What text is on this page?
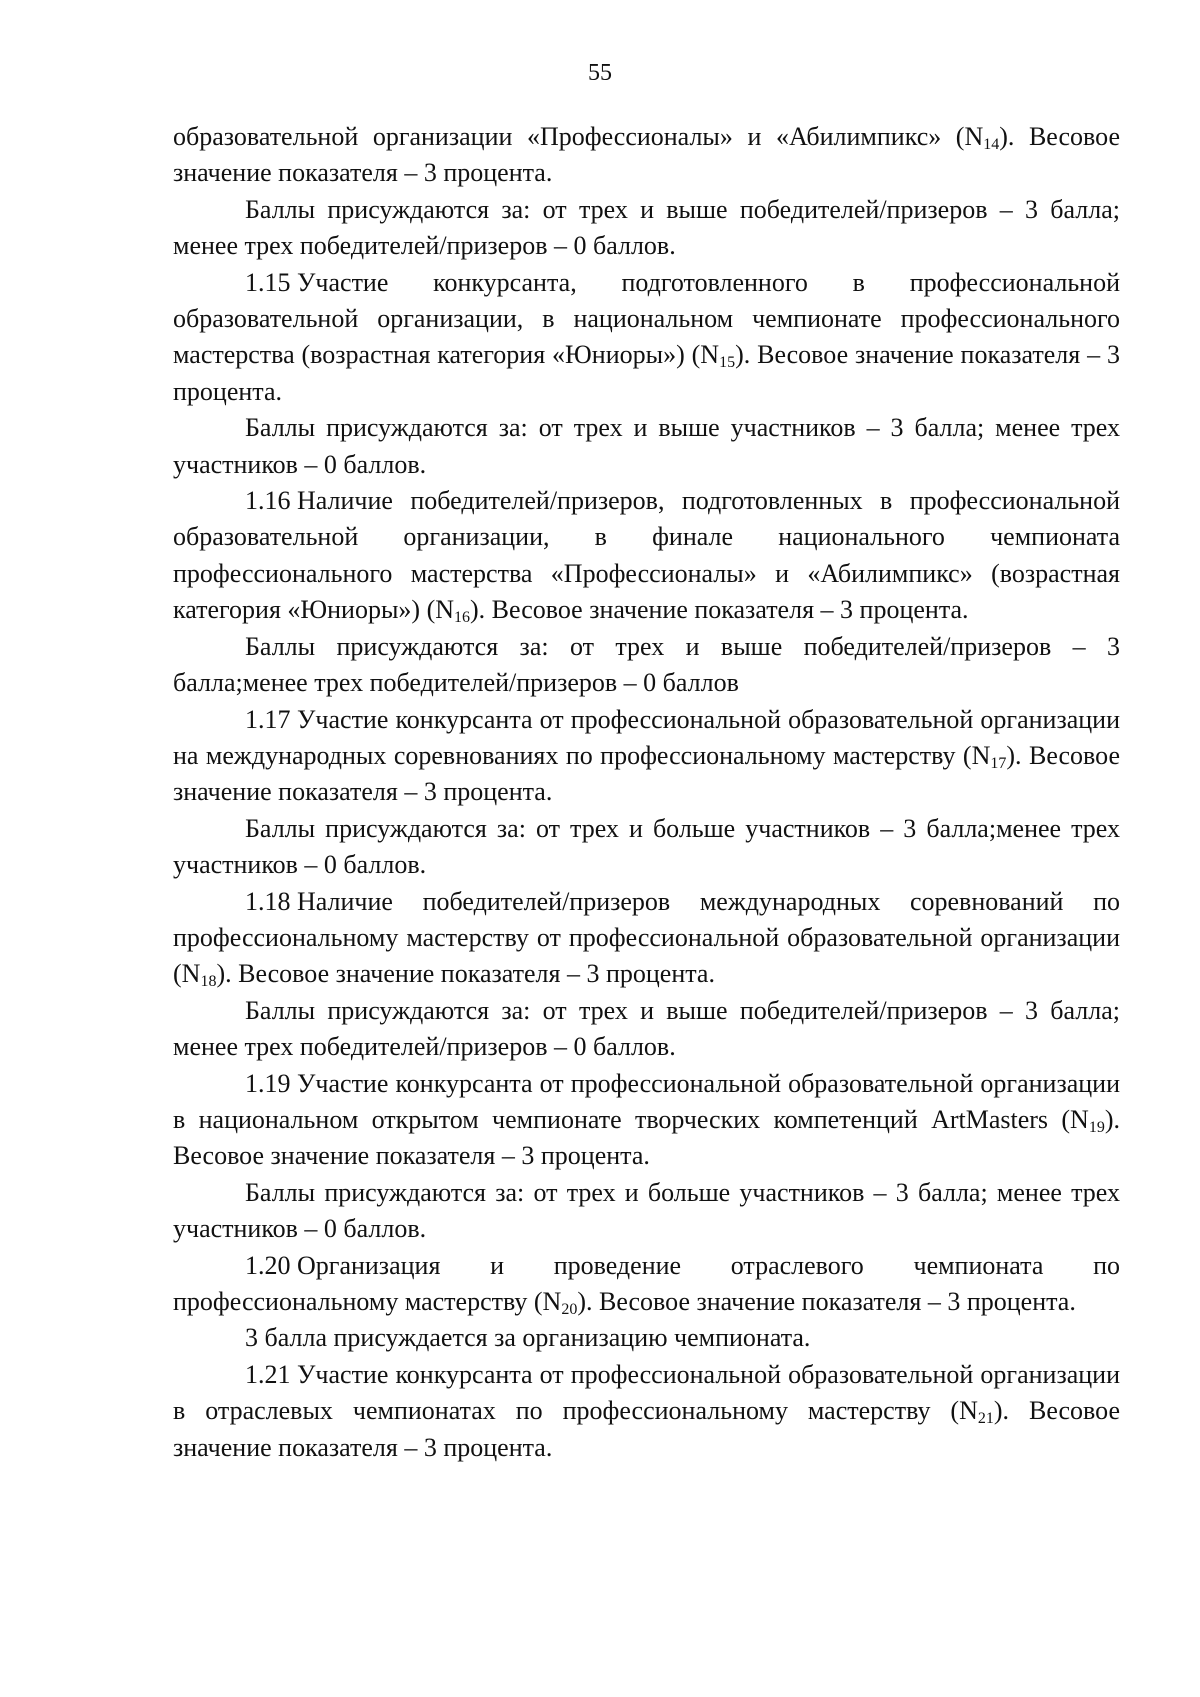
55

образовательной организации «Профессионалы» и «Абилимпикс» $(N_{14})$. Весовое значение показателя – 3 процента.

Баллы присуждаются за: от трех и выше победителей/призеров – 3 балла; менее трех победителей/призеров – 0 баллов.

1.15 Участие конкурсанта, подготовленного в профессиональной образовательной организации, в национальном чемпионате профессионального мастерства (возрастная категория «Юниоры») $(N_{15})$. Весовое значение показателя – 3 процента.

Баллы присуждаются за: от трех и выше участников – 3 балла; менее трех участников – 0 баллов.

1.16 Наличие победителей/призеров, подготовленных в профессиональной образовательной организации, в финале национального чемпионата профессионального мастерства «Профессионалы» и «Абилимпикс» (возрастная категория «Юниоры») $(N_{16})$. Весовое значение показателя – 3 процента.

Баллы присуждаются за: от трех и выше победителей/призеров – 3 балла;менее трех победителей/призеров – 0 баллов

1.17 Участие конкурсанта от профессиональной образовательной организации на международных соревнованиях по профессиональному мастерству $(N_{17})$. Весовое значение показателя – 3 процента.

Баллы присуждаются за: от трех и больше участников – 3 балла;менее трех участников – 0 баллов.

1.18 Наличие победителей/призеров международных соревнований по профессиональному мастерству от профессиональной образовательной организации $(N_{18})$. Весовое значение показателя – 3 процента.

Баллы присуждаются за: от трех и выше победителей/призеров – 3 балла; менее трех победителей/призеров – 0 баллов.

1.19 Участие конкурсанта от профессиональной образовательной организации в национальном открытом чемпионате творческих компетенций ArtMasters $(N_{19})$. Весовое значение показателя – 3 процента.

Баллы присуждаются за: от трех и больше участников – 3 балла; менее трех участников – 0 баллов.

1.20 Организация и проведение отраслевого чемпионата по профессиональному мастерству $(N_{20})$. Весовое значение показателя – 3 процента.

3 балла присуждается за организацию чемпионата.

1.21 Участие конкурсанта от профессиональной образовательной организации в отраслевых чемпионатах по профессиональному мастерству $(N_{21})$. Весовое значение показателя – 3 процента.
